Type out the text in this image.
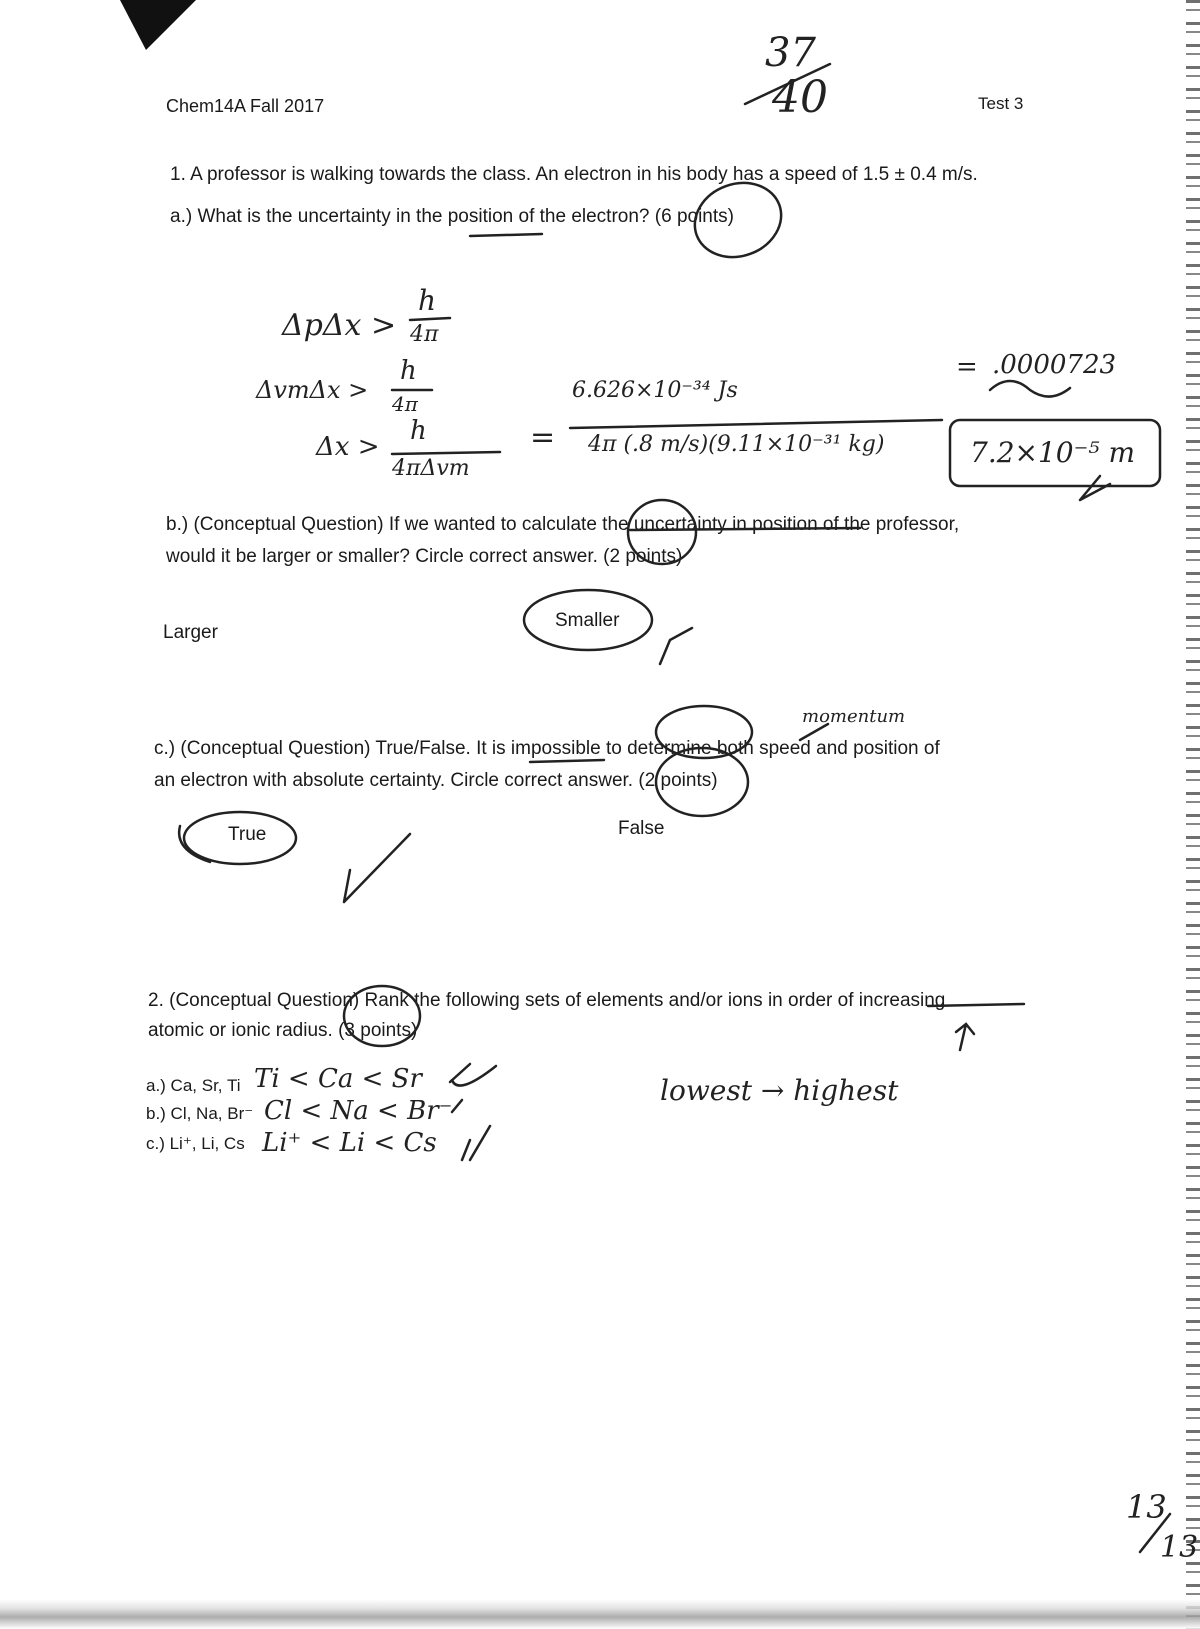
Chem14A Fall 2017	Test 3
37
40
1. A professor is walking towards the class. An electron in his body has a speed of 1.5 ± 0.4 m/s.
a.) What is the uncertainty in the position of the electron? (6 points)
ΔpΔx >
h
4π
ΔvmΔx >
h
4π
Δx >
h
4πΔvm
=
6.626×10⁻³⁴ Js
4π (.8 m/s)(9.11×10⁻³¹ kg)
= .0000723
7.2×10⁻⁵ m
b.) (Conceptual Question) If we wanted to calculate the uncertainty in position of the professor,
would it be larger or smaller? Circle correct answer. (2 points)
Larger
Smaller
momentum
c.) (Conceptual Question) True/False. It is impossible to determine both speed and position of
an electron with absolute certainty. Circle correct answer. (2 points)
True	False
2. (Conceptual Question) Rank the following sets of elements and/or ions in order of increasing
atomic or ionic radius. (3 points)
a.) Ca, Sr, Ti Ti < Ca < Sr
b.) Cl, Na, Br⁻ Cl < Na < Br⁻
c.) Li⁺, Li, Cs Li⁺ < Li < Cs
lowest → highest
13
13
